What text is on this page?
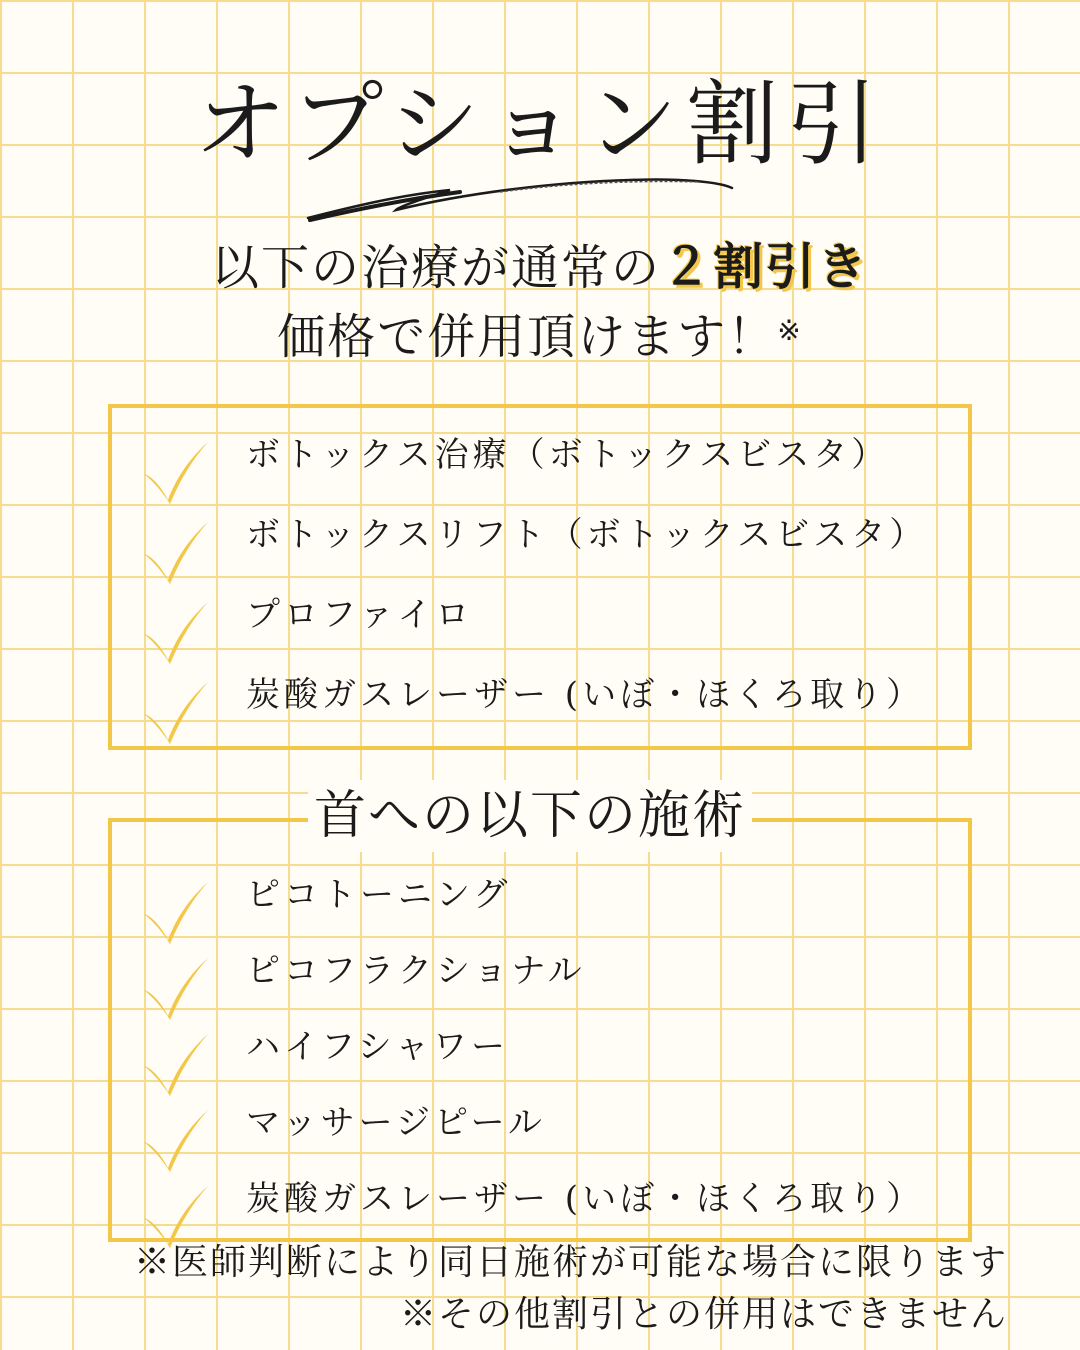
オプション割引
以下の治療が通常の２割引き
価格で併用頂けます！※
ボトックス治療（ボトックスビスタ）
ボトックスリフト（ボトックスビスタ）
プロファイロ
炭酸ガスレーザー (いぼ・ほくろ取り）
首への以下の施術
ピコトーニング
ピコフラクショナル
ハイフシャワー
マッサージピール
炭酸ガスレーザー (いぼ・ほくろ取り）
※医師判断により同日施術が可能な場合に限ります
※その他割引との併用はできません
